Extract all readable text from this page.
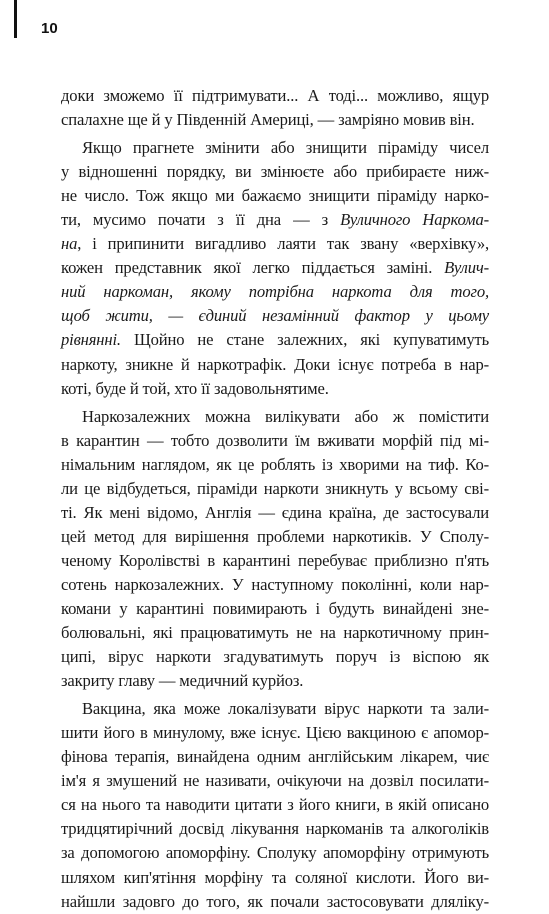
10
доки зможемо її підтримувати... А тоді... можливо, ящур
спалахне ще й у Південній Америці, — замріяно мовив він.
Якщо прагнете змінити або знищити піраміду чисел
у відношенні порядку, ви змінюєте або прибираєте ниж-
не число. Тож якщо ми бажаємо знищити піраміду нарко-
ти, мусимо почати з її дна — з Вуличного Наркома-
на, і припинити вигадливо лаяти так звану «верхівку»,
кожен представник якої легко піддається заміні. Вулич-
ний наркоман, якому потрібна наркота для того,
щоб жити, — єдиний незамінний фактор у цьому
рівнянні. Щойно не стане залежних, які купуватимуть
наркоту, зникне й наркотрафік. Доки існує потреба в нар-
коті, буде й той, хто її задовольнятиме.
Наркозалежних можна вилікувати або ж помістити
в карантин — тобто дозволити їм вживати морфій під мі-
німальним наглядом, як це роблять із хворими на тиф. Ко-
ли це відбудеться, піраміди наркоти зникнуть у всьому сві-
ті. Як мені відомо, Англія — єдина країна, де застосували
цей метод для вирішення проблеми наркотиків. У Сполу-
ченому Королівстві в карантині перебуває приблизно п'ять
сотень наркозалежних. У наступному поколінні, коли нар-
комани у карантині повимирають і будуть винайдені зне-
болювальні, які працюватимуть не на наркотичному прин-
ципі, вірус наркоти згадуватимуть поруч із віспою як
закриту главу — медичний курйоз.
Вакцина, яка може локалізувати вірус наркоти та зали-
шити його в минулому, вже існує. Цією вакциною є апомор-
фінова терапія, винайдена одним англійським лікарем, чиє
ім'я я змушений не називати, очікуючи на дозвіл посилати-
ся на нього та наводити цитати з його книги, в якій описано
тридцятирічний досвід лікування наркоманів та алкоголіків
за допомогою апоморфіну. Сполуку апоморфіну отримують
шляхом кип'ятіння морфіну та соляної кислоти. Його ви-
найшли задовго до того, як почали застосовувати дляліку-
